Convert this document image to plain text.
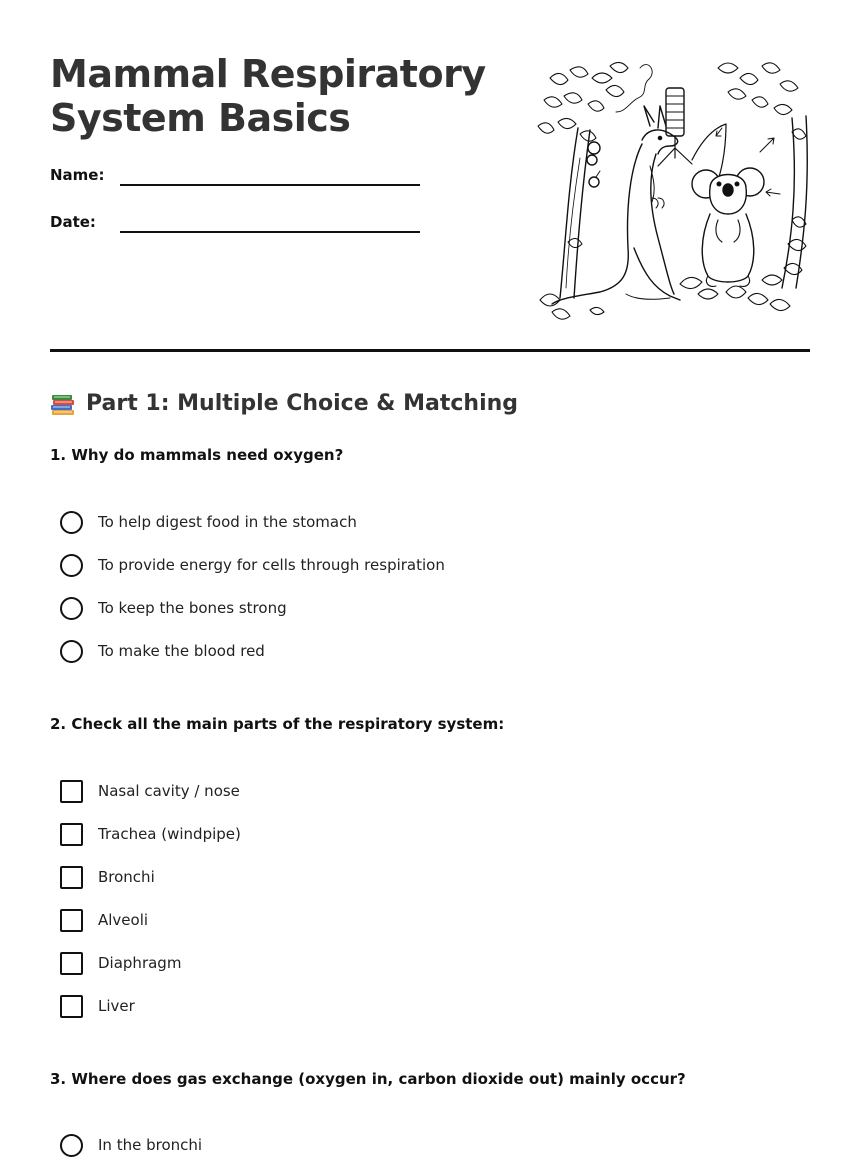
Mammal Respiratory System Basics
Name:
Date:
Part 1: Multiple Choice & Matching
1. Why do mammals need oxygen?
To help digest food in the stomach
To provide energy for cells through respiration
To keep the bones strong
To make the blood red
2. Check all the main parts of the respiratory system:
Nasal cavity / nose
Trachea (windpipe)
Bronchi
Alveoli
Diaphragm
Liver
3. Where does gas exchange (oxygen in, carbon dioxide out) mainly occur?
In the bronchi
